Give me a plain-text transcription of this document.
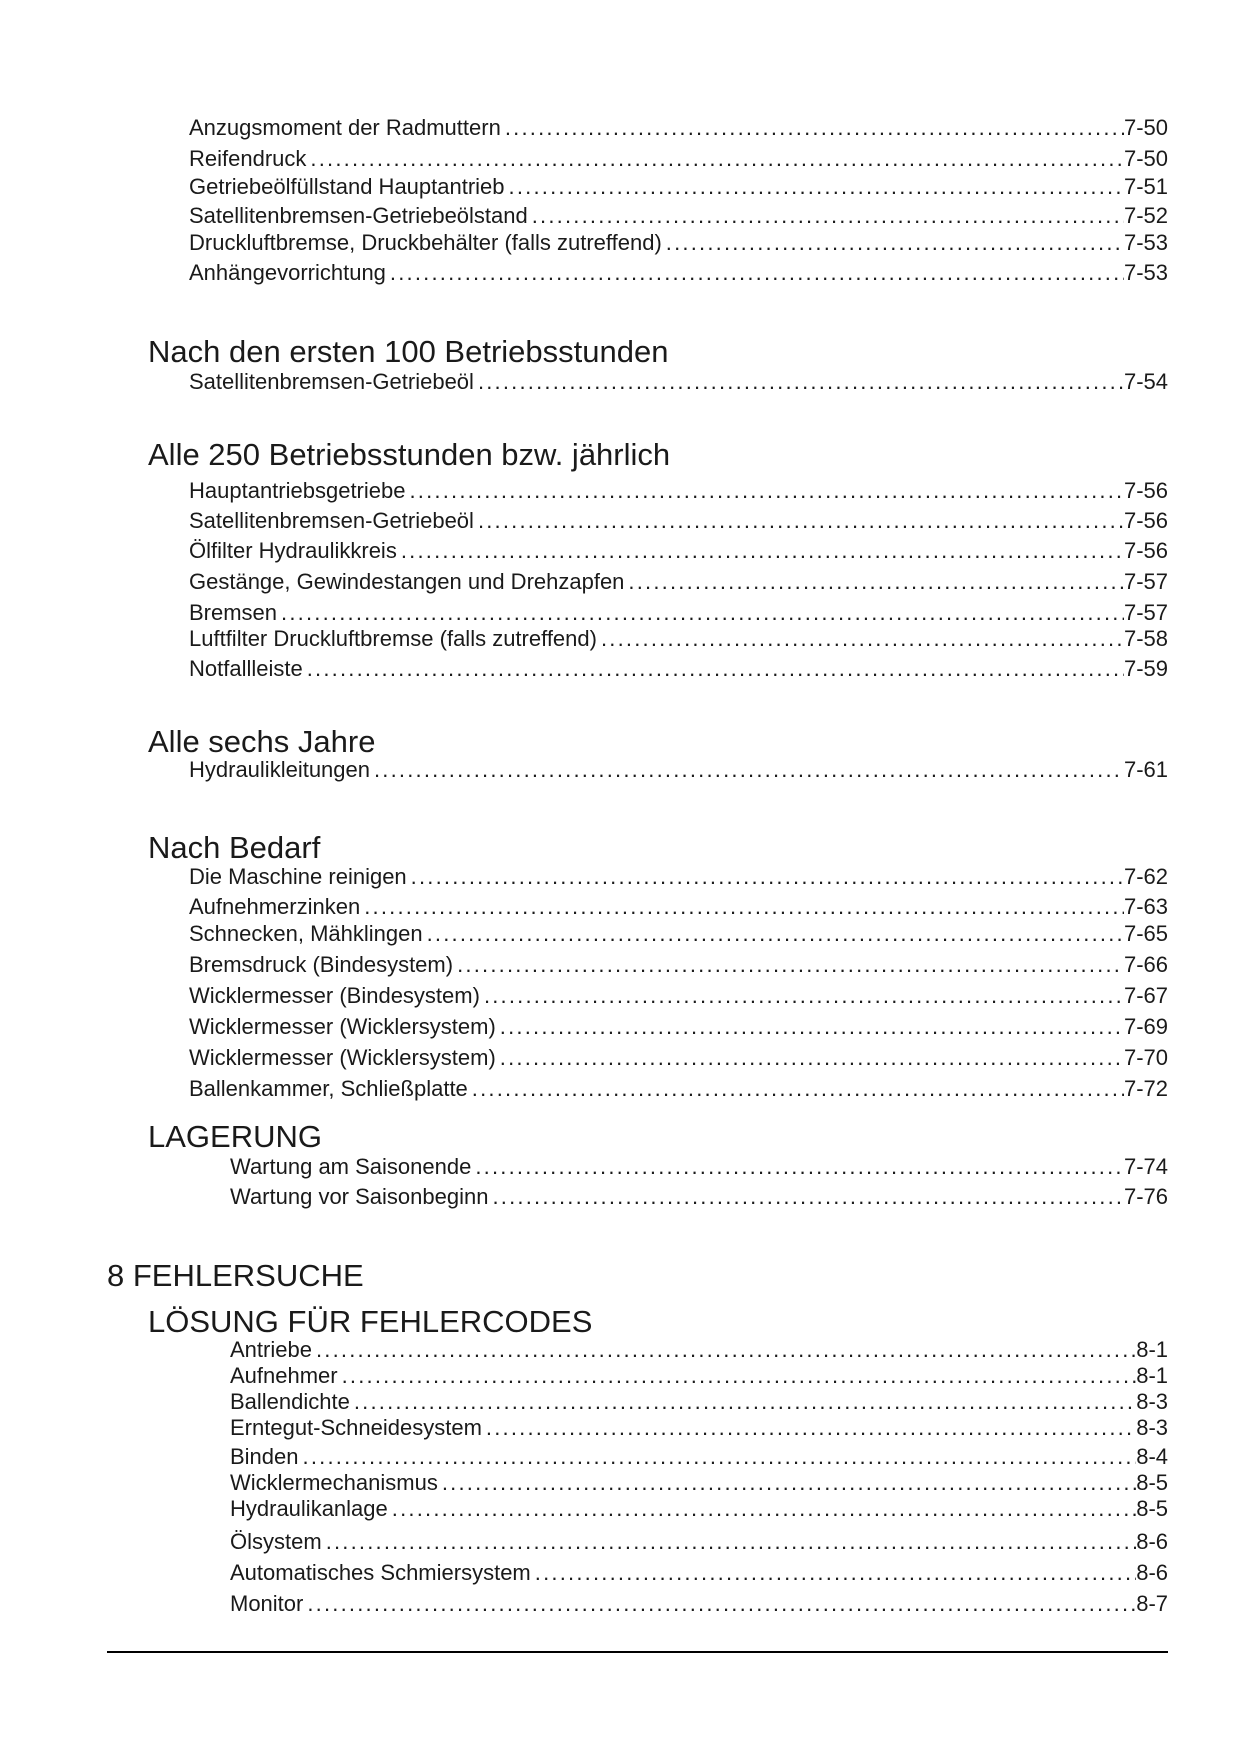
Anzugsmoment der Radmuttern .....	7-50
Reifendruck .....	7-50
Getriebeölfüllstand Hauptantrieb .....	7-51
Satellitenbremsen-Getriebeölstand .....	7-52
Druckluftbremse, Druckbehälter (falls zutreffend) .....	7-53
Anhängevorrichtung .....	7-53
Nach den ersten 100 Betriebsstunden
Satellitenbremsen-Getriebeöl .....	7-54
Alle 250 Betriebsstunden bzw. jährlich
Hauptantriebsgetriebe .....	7-56
Satellitenbremsen-Getriebeöl .....	7-56
Ölfilter Hydraulikkreis .....	7-56
Gestänge, Gewindestangen und Drehzapfen .....	7-57
Bremsen .....	7-57
Luftfilter Druckluftbremse (falls zutreffend) .....	7-58
Notfallleiste .....	7-59
Alle sechs Jahre
Hydraulikleitungen .....	7-61
Nach Bedarf
Die Maschine reinigen .....	7-62
Aufnehmerzinken .....	7-63
Schnecken, Mähklingen .....	7-65
Bremsdruck (Bindesystem) .....	7-66
Wicklermesser (Bindesystem) .....	7-67
Wicklermesser (Wicklersystem) .....	7-69
Wicklermesser (Wicklersystem) .....	7-70
Ballenkammer, Schließplatte .....	7-72
LAGERUNG
Wartung am Saisonende .....	7-74
Wartung vor Saisonbeginn .....	7-76
8 FEHLERSUCHE
LÖSUNG FÜR FEHLERCODES
Antriebe .....	8-1
Aufnehmer .....	8-1
Ballendichte .....	8-3
Erntegut-Schneidesystem .....	8-3
Binden .....	8-4
Wicklermechanismus .....	8-5
Hydraulikanlage .....	8-5
Ölsystem .....	8-6
Automatisches Schmiersystem .....	8-6
Monitor .....	8-7
